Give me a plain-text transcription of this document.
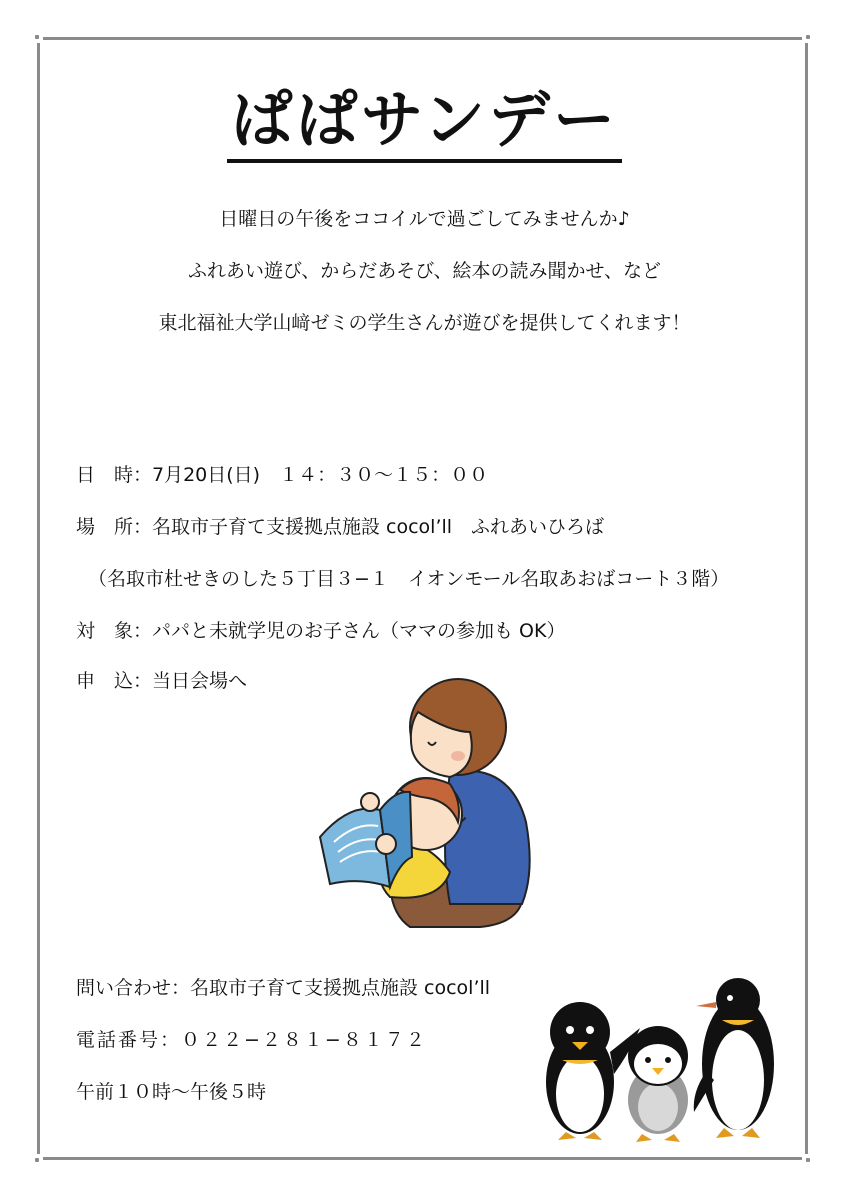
ぱぱサンデー
日曜日の午後をココイルで過ごしてみませんか♪
ふれあい遊び、からだあそび、絵本の読み聞かせ、など
東北福祉大学山﨑ゼミの学生さんが遊びを提供してくれます！
日　時：7月20日(日)　１４：３０〜１５：００
場　所：名取市子育て支援拠点施設 cocol’ll　ふれあいひろば
（名取市杜せきのした５丁目３−１　イオンモール名取あおばコート３階）
対　象：パパと未就学児のお子さん（ママの参加も OK）
申　込：当日会場へ
問い合わせ：名取市子育て支援拠点施設 cocol’ll
電話番号：０２２−２８１−８１７２
午前１０時〜午後５時
